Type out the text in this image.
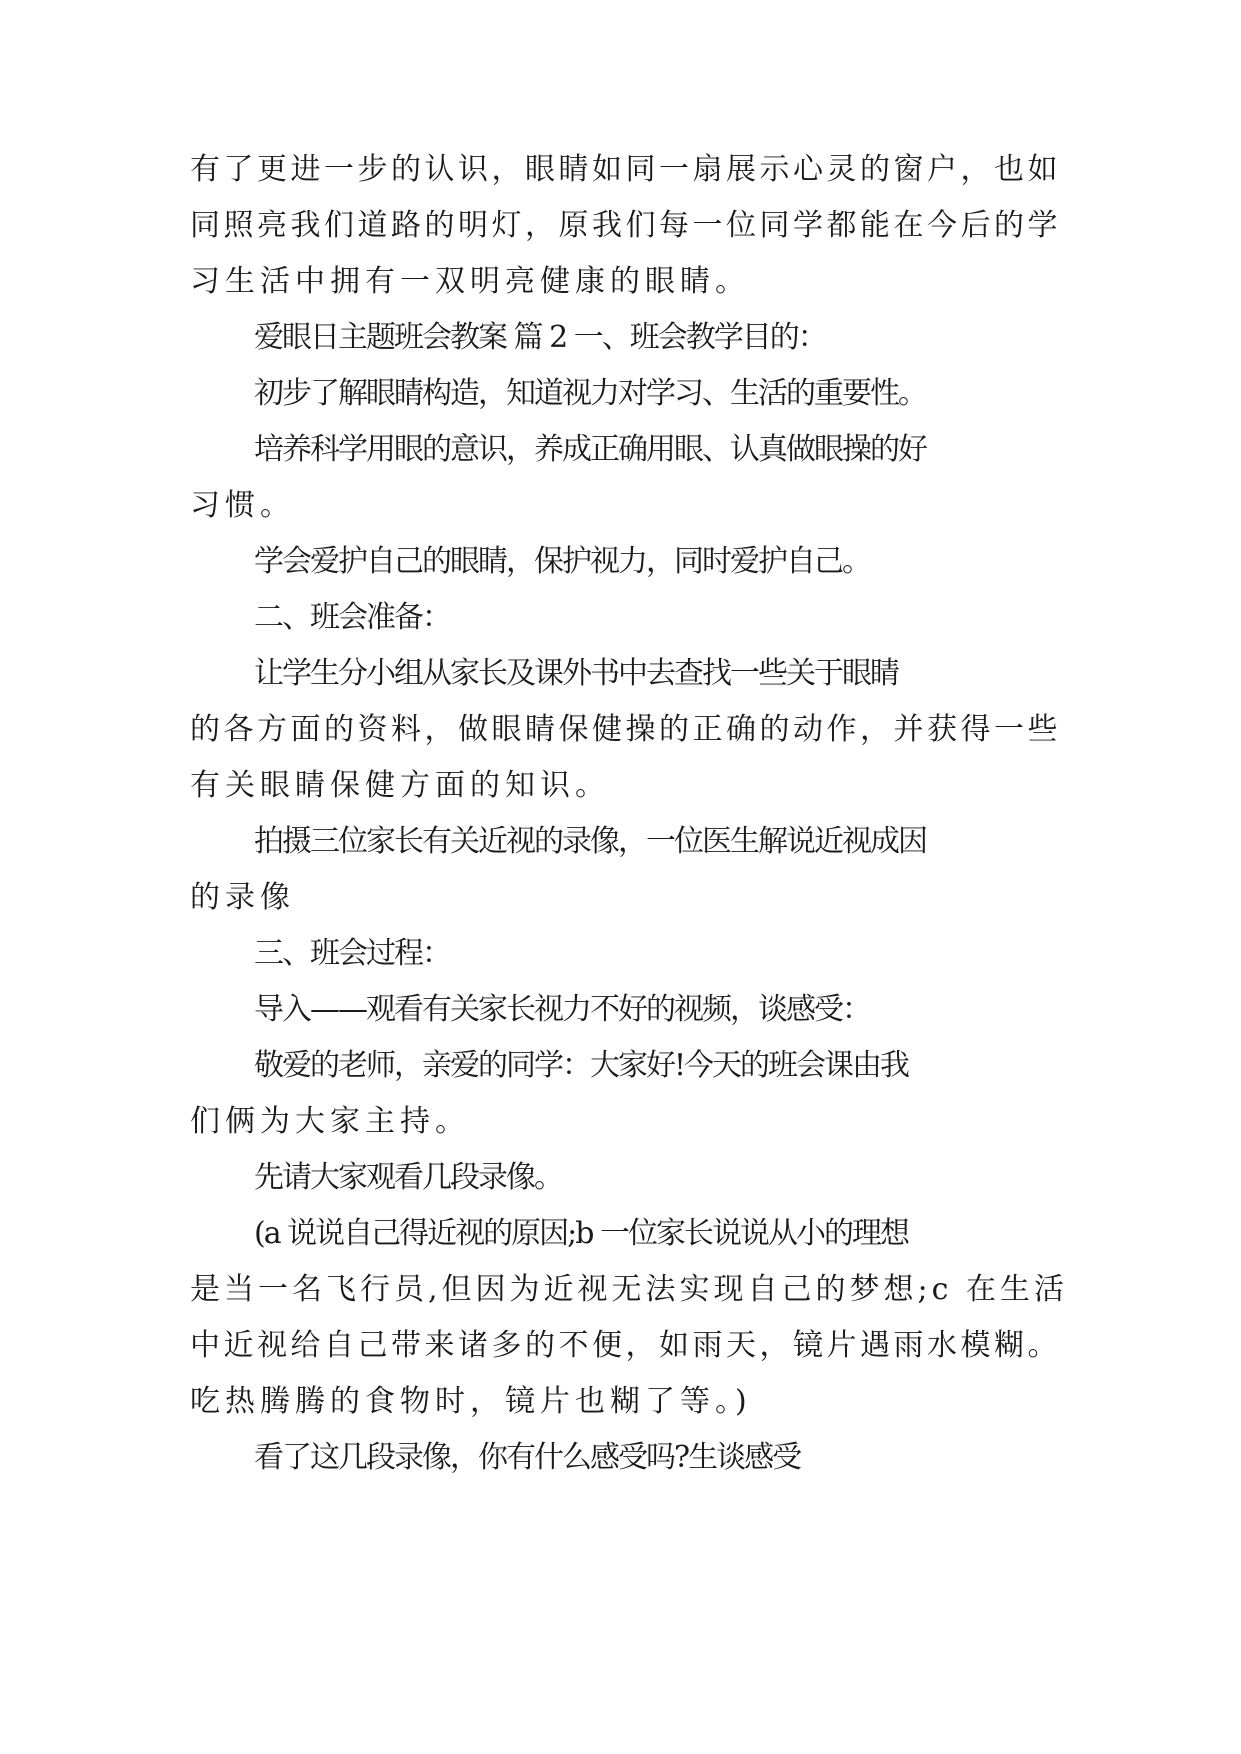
有了更进一步的认识，眼睛如同一扇展示心灵的窗户，也如

同照亮我们道路的明灯，原我们每一位同学都能在今后的学

习生活中拥有一双明亮健康的眼睛。

爱眼日主题班会教案 篇 2 一、班会教学目的：

初步了解眼睛构造，知道视力对学习、生活的重要性。

培养科学用眼的意识，养成正确用眼、认真做眼操的好

习惯。

学会爱护自己的眼睛，保护视力，同时爱护自己。

二、班会准备：

让学生分小组从家长及课外书中去查找一些关于眼睛

的各方面的资料，做眼睛保健操的正确的动作，并获得一些

有关眼睛保健方面的知识。

拍摄三位家长有关近视的录像，一位医生解说近视成因

的录像

三、班会过程：

导入——观看有关家长视力不好的视频，谈感受：

敬爱的老师，亲爱的同学：大家好!今天的班会课由我

们俩为大家主持。

先请大家观看几段录像。

(a 说说自己得近视的原因;b 一位家长说说从小的理想

是当一名飞行员,但因为近视无法实现自己的梦想;c 在生活

中近视给自己带来诸多的不便，如雨天，镜片遇雨水模糊。

吃热腾腾的食物时，镜片也糊了等。)

看了这几段录像，你有什么感受吗?生谈感受
